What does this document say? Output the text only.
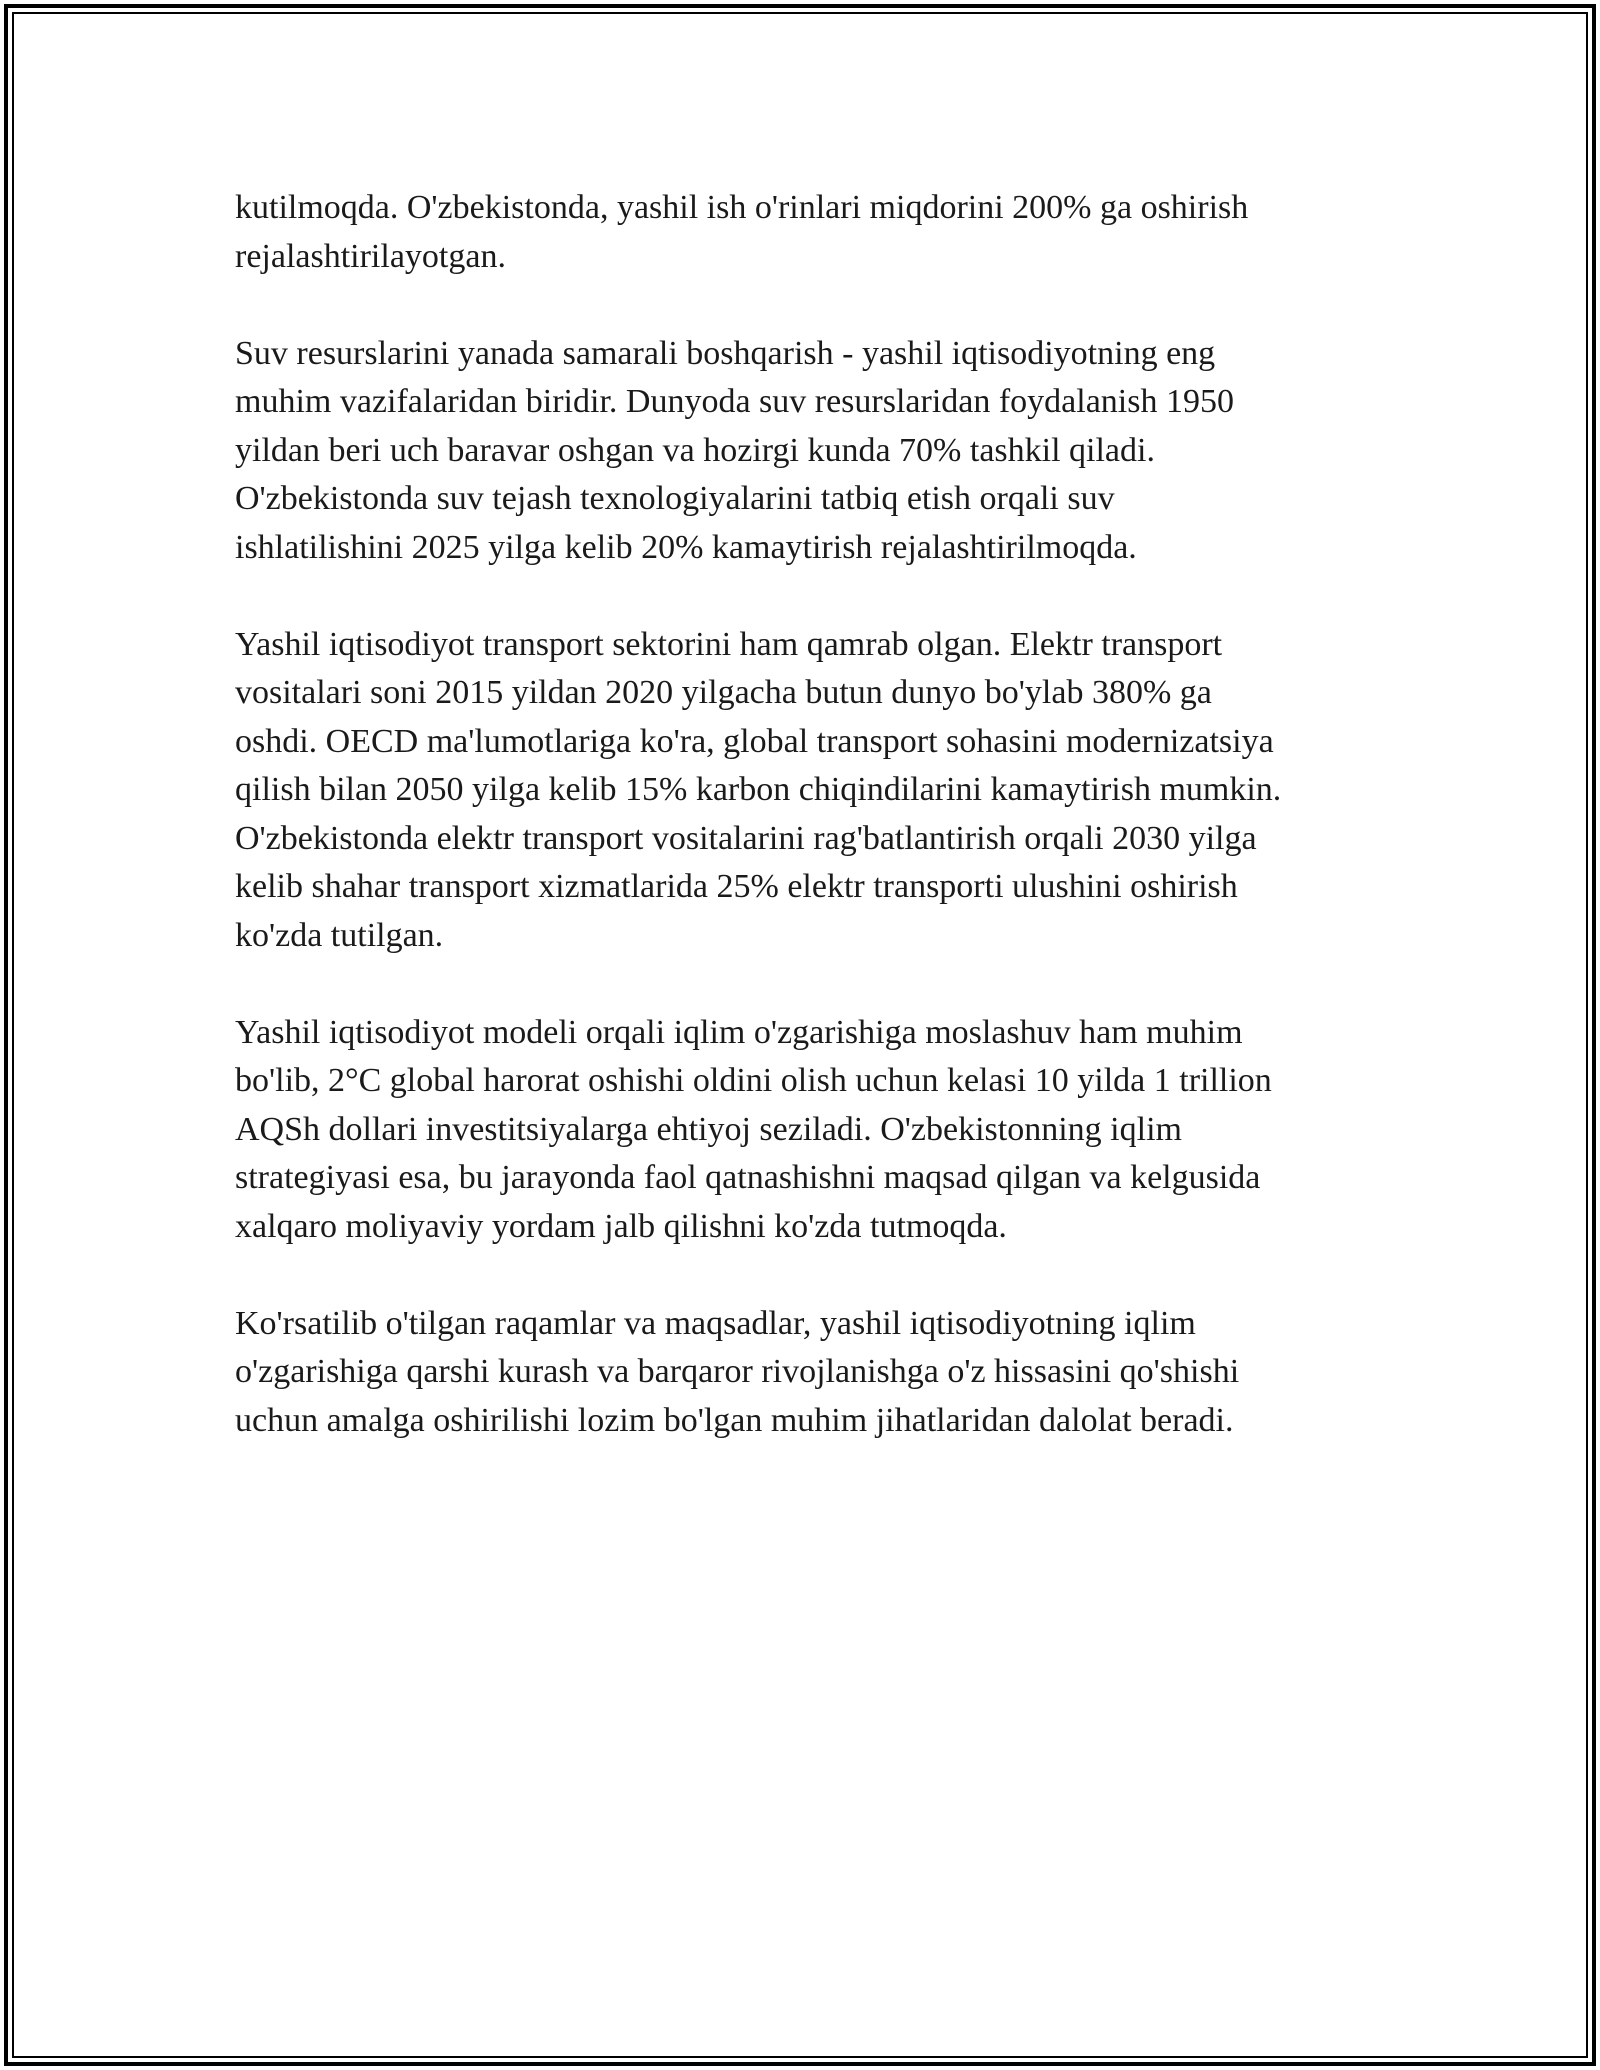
kutilmoqda. O'zbekistonda, yashil ish o'rinlari miqdorini 200% ga oshirish
rejalashtirilayotgan.

Suv resurslarini yanada samarali boshqarish - yashil iqtisodiyotning eng
muhim vazifalaridan biridir. Dunyoda suv resurslaridan foydalanish 1950
yildan beri uch baravar oshgan va hozirgi kunda 70% tashkil qiladi.
O'zbekistonda suv tejash texnologiyalarini tatbiq etish orqali suv
ishlatilishini 2025 yilga kelib 20% kamaytirish rejalashtirilmoqda.

Yashil iqtisodiyot transport sektorini ham qamrab olgan. Elektr transport
vositalari soni 2015 yildan 2020 yilgacha butun dunyo bo'ylab 380% ga
oshdi. OECD ma'lumotlariga ko'ra, global transport sohasini modernizatsiya
qilish bilan 2050 yilga kelib 15% karbon chiqindilarini kamaytirish mumkin.
O'zbekistonda elektr transport vositalarini rag'batlantirish orqali 2030 yilga
kelib shahar transport xizmatlarida 25% elektr transporti ulushini oshirish
ko'zda tutilgan.

Yashil iqtisodiyot modeli orqali iqlim o'zgarishiga moslashuv ham muhim
bo'lib, 2°C global harorat oshishi oldini olish uchun kelasi 10 yilda 1 trillion
AQSh dollari investitsiyalarga ehtiyoj seziladi. O'zbekistonning iqlim
strategiyasi esa, bu jarayonda faol qatnashishni maqsad qilgan va kelgusida
xalqaro moliyaviy yordam jalb qilishni ko'zda tutmoqda.

Ko'rsatilib o'tilgan raqamlar va maqsadlar, yashil iqtisodiyotning iqlim
o'zgarishiga qarshi kurash va barqaror rivojlanishga o'z hissasini qo'shishi
uchun amalga oshirilishi lozim bo'lgan muhim jihatlaridan dalolat beradi.
